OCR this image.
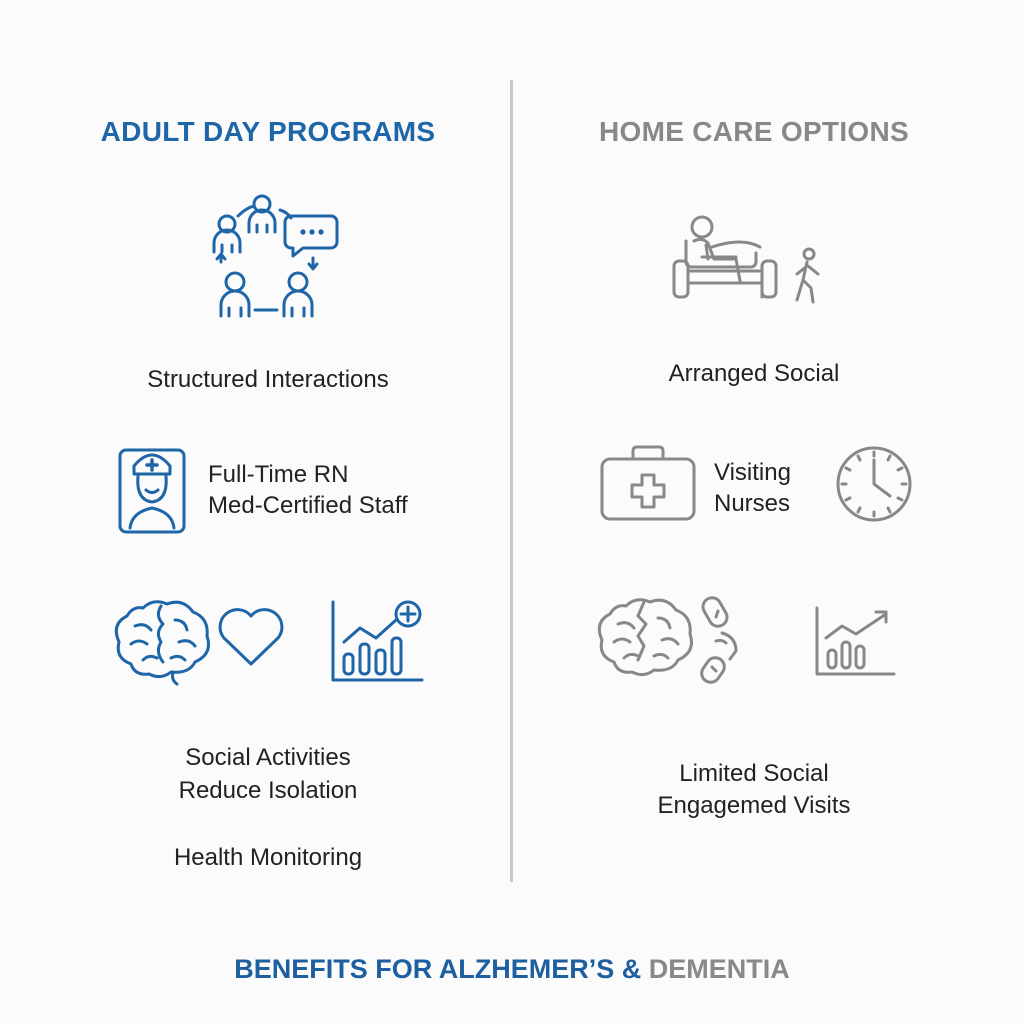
ADULT DAY PROGRAMS
Structured Interactions
Full-Time RN
Med-Certified Staff
Social Activities
Reduce Isolation
Health Monitoring
HOME CARE OPTIONS
Arranged Social
Visiting
Nurses
Limited Social
Engagemed Visits
BENEFITS FOR ALZHEMER’S & DEMENTIA
